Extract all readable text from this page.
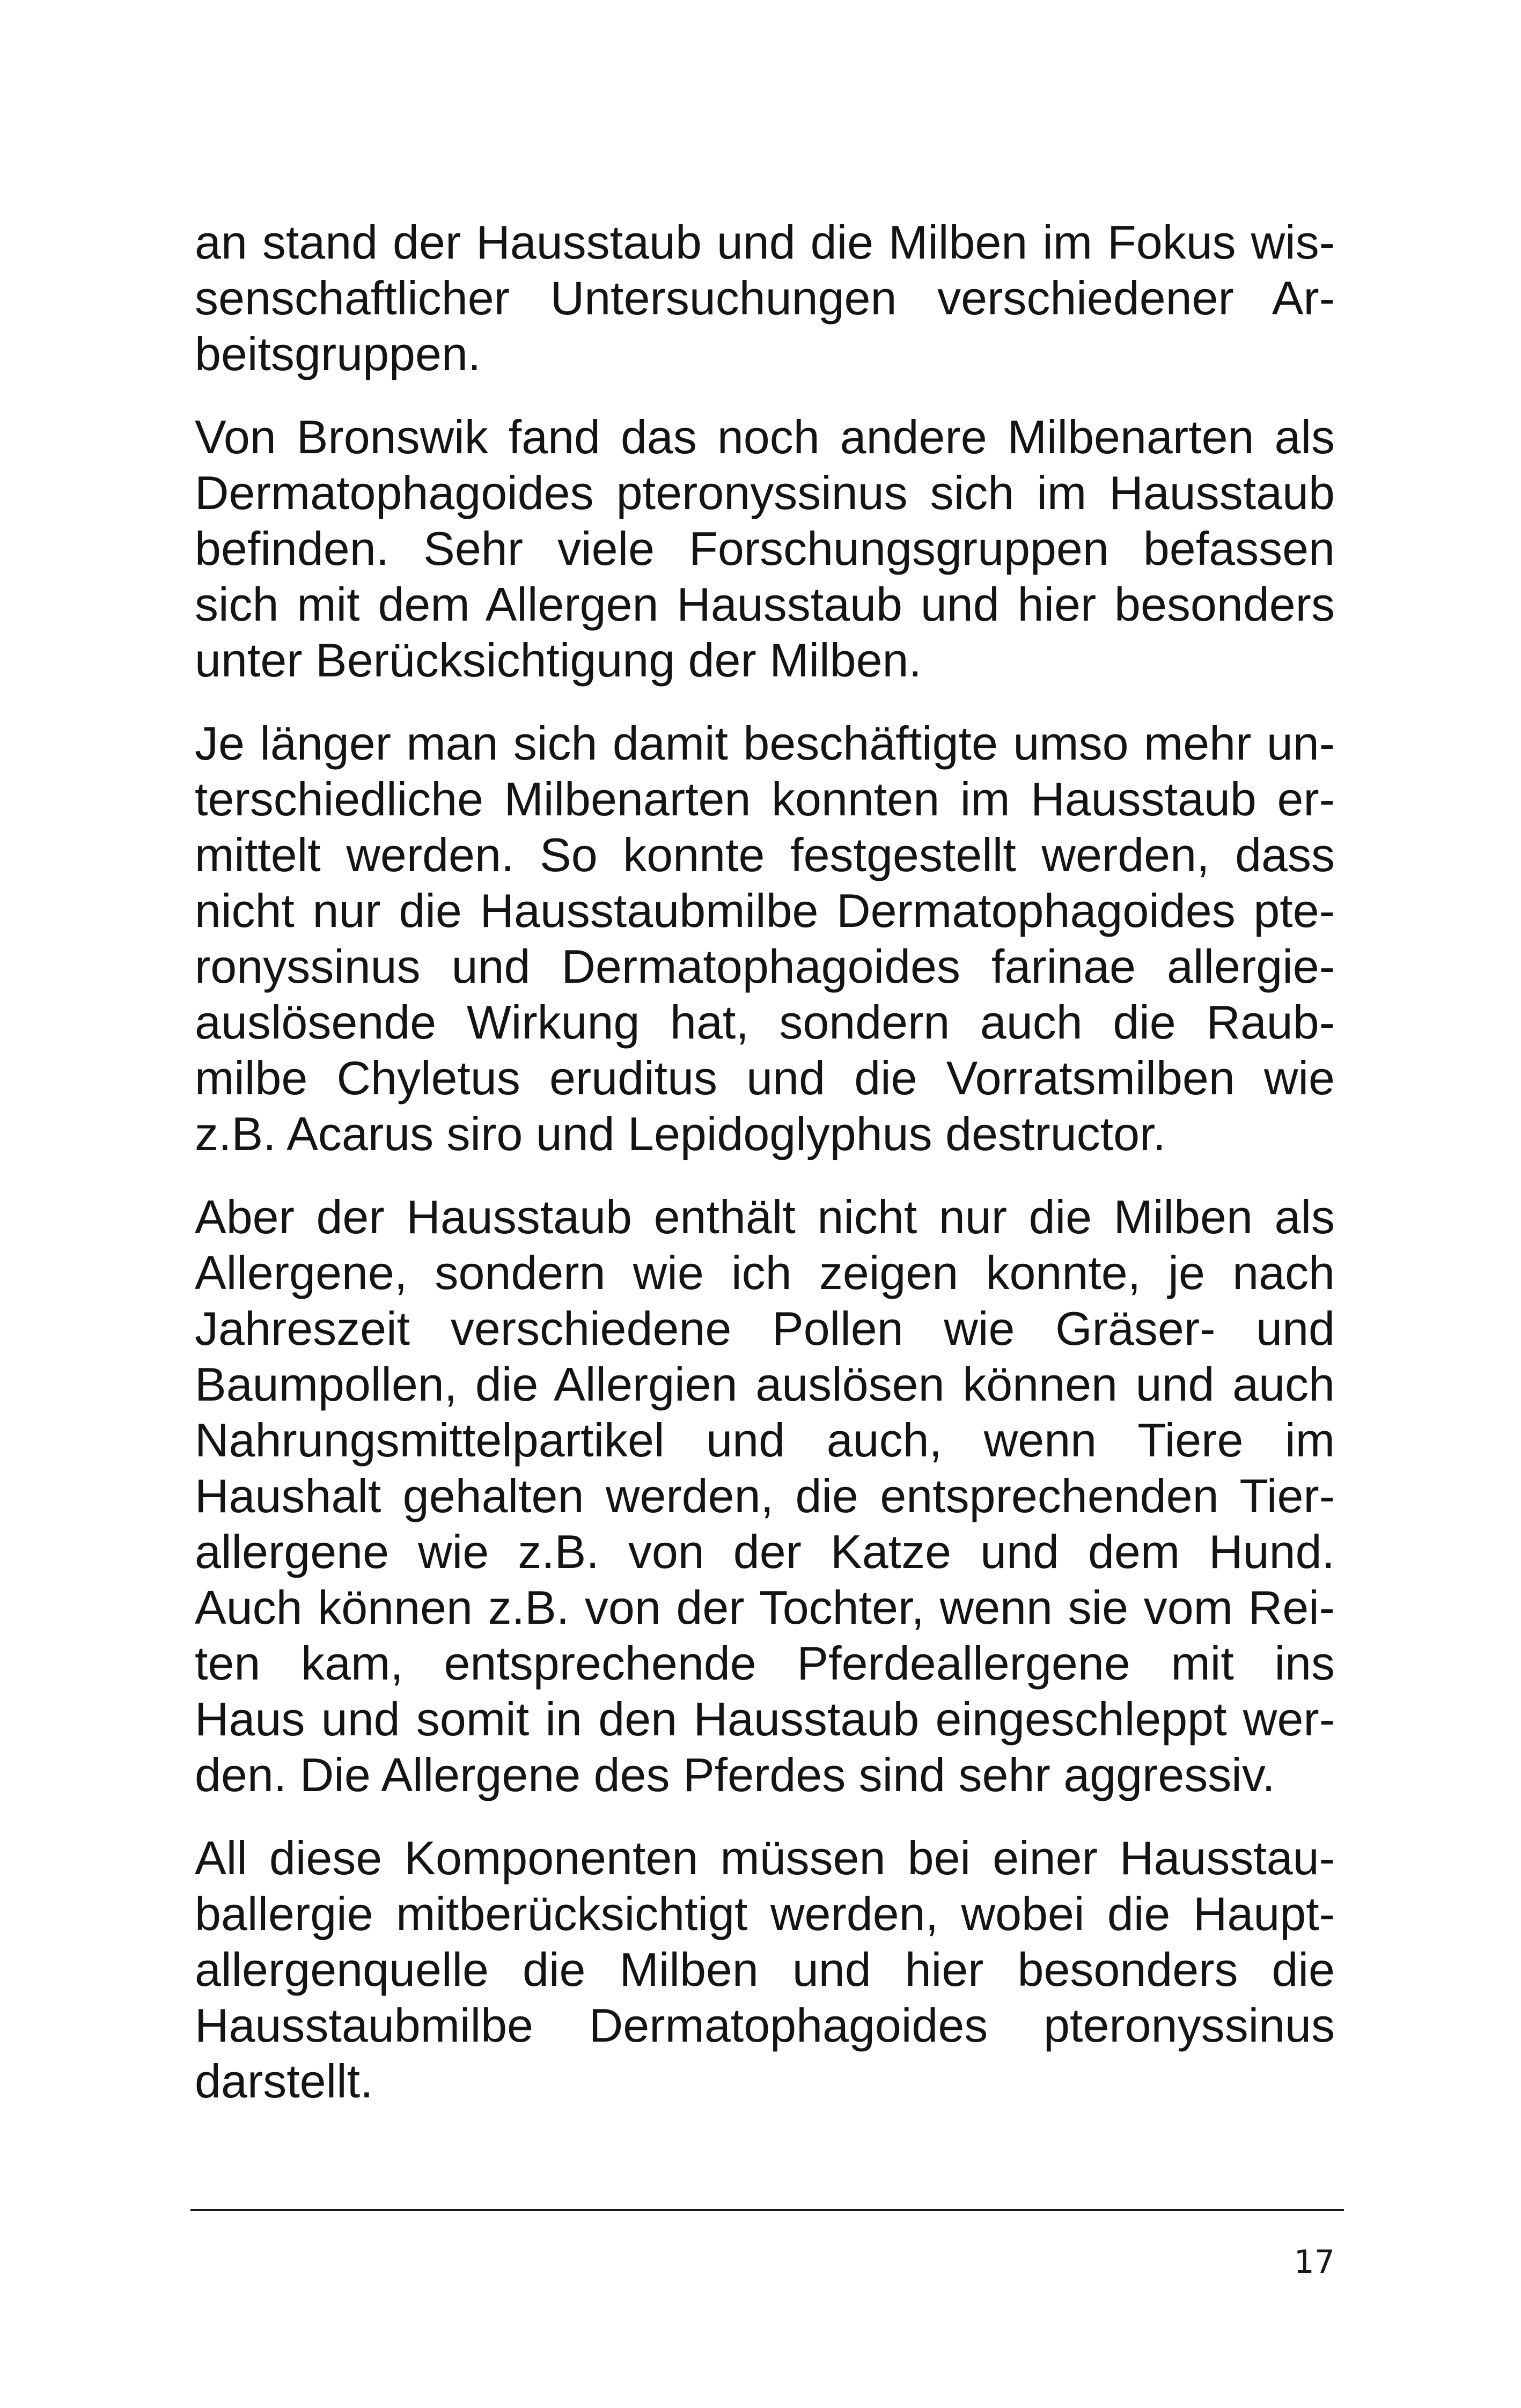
an stand der Hausstaub und die Milben im Fokus wis-
senschaftlicher Untersuchungen verschiedener Ar-
beitsgruppen.
Von Bronswik fand das noch andere Milbenarten als
Dermatophagoides pteronyssinus sich im Hausstaub
befinden. Sehr viele Forschungsgruppen befassen
sich mit dem Allergen Hausstaub und hier besonders
unter Berücksichtigung der Milben.
Je länger man sich damit beschäftigte umso mehr un-
terschiedliche Milbenarten konnten im Hausstaub er-
mittelt werden. So konnte festgestellt werden, dass
nicht nur die Hausstaubmilbe Dermatophagoides pte-
ronyssinus und Dermatophagoides farinae allergie-
auslösende Wirkung hat, sondern auch die Raub-
milbe Chyletus eruditus und die Vorratsmilben wie
z.B. Acarus siro und Lepidoglyphus destructor.
Aber der Hausstaub enthält nicht nur die Milben als
Allergene, sondern wie ich zeigen konnte, je nach
Jahreszeit verschiedene Pollen wie Gräser- und
Baumpollen, die Allergien auslösen können und auch
Nahrungsmittelpartikel und auch, wenn Tiere im
Haushalt gehalten werden, die entsprechenden Tier-
allergene wie z.B. von der Katze und dem Hund.
Auch können z.B. von der Tochter, wenn sie vom Rei-
ten kam, entsprechende Pferdeallergene mit ins
Haus und somit in den Hausstaub eingeschleppt wer-
den. Die Allergene des Pferdes sind sehr aggressiv.
All diese Komponenten müssen bei einer Hausstau-
ballergie mitberücksichtigt werden, wobei die Haupt-
allergenquelle die Milben und hier besonders die
Hausstaubmilbe Dermatophagoides pteronyssinus
darstellt.
17
